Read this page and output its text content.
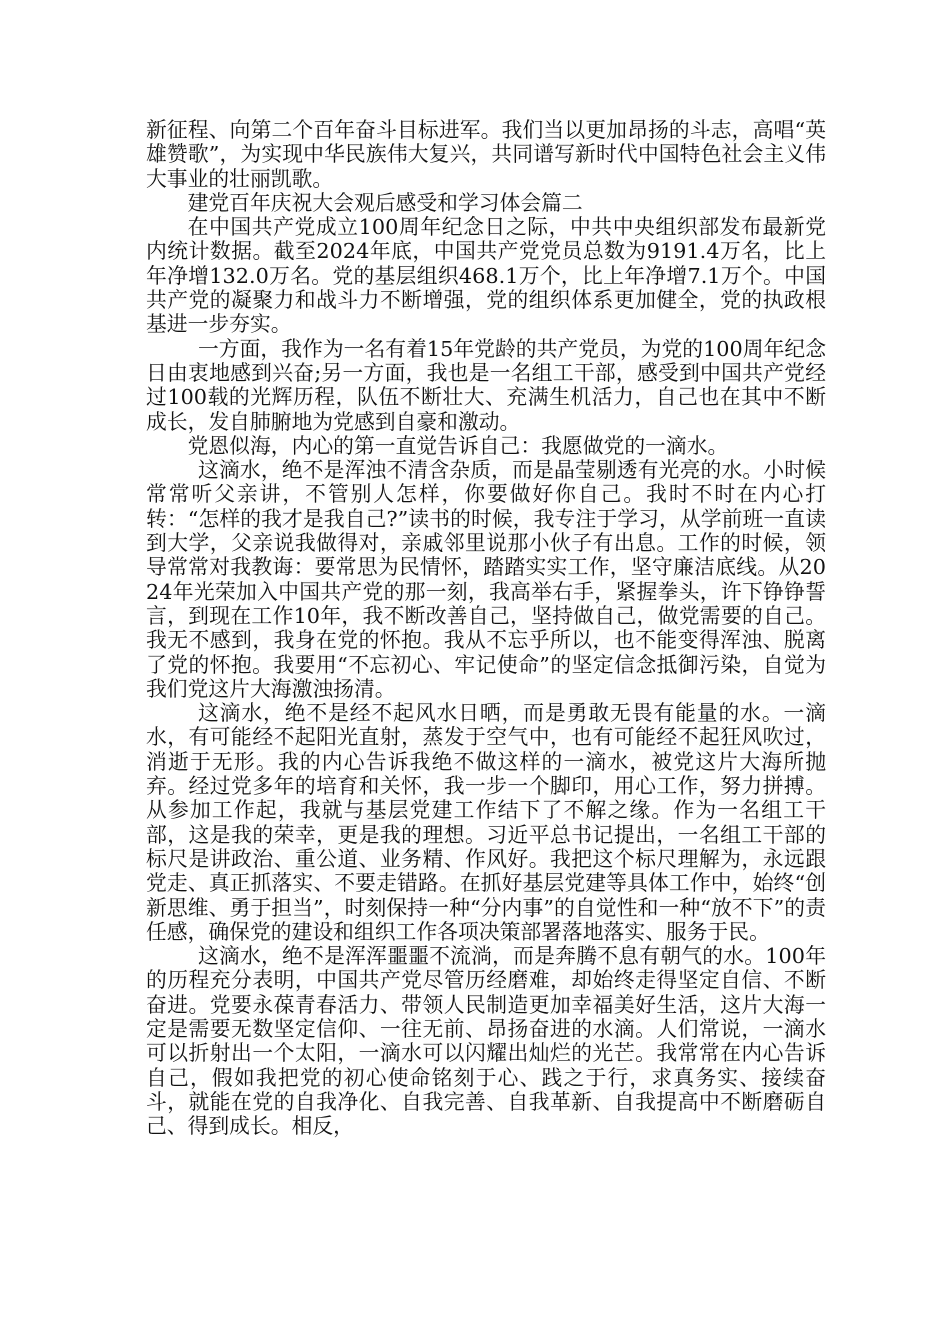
新征程、向第二个百年奋斗目标进军。我们当以更加昂扬的斗志，高唱“英雄赞歌”，为实现中华民族伟大复兴，共同谱写新时代中国特色社会主义伟大事业的壮丽凯歌。

建党百年庆祝大会观后感受和学习体会篇二

在中国共产党成立100周年纪念日之际，中共中央组织部发布最新党内统计数据。截至2024年底，中国共产党党员总数为9191.4万名，比上年净增132.0万名。党的基层组织468.1万个，比上年净增7.1万个。中国共产党的凝聚力和战斗力不断增强，党的组织体系更加健全，党的执政根基进一步夯实。

一方面，我作为一名有着15年党龄的共产党员，为党的100周年纪念日由衷地感到兴奋;另一方面，我也是一名组工干部，感受到中国共产党经过100载的光辉历程，队伍不断壮大、充满生机活力，自己也在其中不断成长，发自肺腑地为党感到自豪和激动。

党恩似海，内心的第一直觉告诉自己：我愿做党的一滴水。

这滴水，绝不是浑浊不清含杂质，而是晶莹剔透有光亮的水。小时候常常听父亲讲，不管别人怎样，你要做好你自己。我时不时在内心打转：“怎样的我才是我自己?”读书的时候，我专注于学习，从学前班一直读到大学，父亲说我做得对，亲戚邻里说那小伙子有出息。工作的时候，领导常常对我教诲：要常思为民情怀，踏踏实实工作，坚守廉洁底线。从2024年光荣加入中国共产党的那一刻，我高举右手，紧握拳头，许下铮铮誓言，到现在工作10年，我不断改善自己，坚持做自己，做党需要的自己。我无不感到，我身在党的怀抱。我从不忘乎所以，也不能变得浑浊、脱离了党的怀抱。我要用“不忘初心、牢记使命”的坚定信念抵御污染，自觉为我们党这片大海激浊扬清。

这滴水，绝不是经不起风水日晒，而是勇敢无畏有能量的水。一滴水，有可能经不起阳光直射，蒸发于空气中，也有可能经不起狂风吹过，消逝于无形。我的内心告诉我绝不做这样的一滴水，被党这片大海所抛弃。经过党多年的培育和关怀，我一步一个脚印，用心工作，努力拼搏。从参加工作起，我就与基层党建工作结下了不解之缘。作为一名组工干部，这是我的荣幸，更是我的理想。习近平总书记提出，一名组工干部的标尺是讲政治、重公道、业务精、作风好。我把这个标尺理解为，永远跟党走、真正抓落实、不要走错路。在抓好基层党建等具体工作中，始终“创新思维、勇于担当”，时刻保持一种“分内事”的自觉性和一种“放不下”的责任感，确保党的建设和组织工作各项决策部署落地落实、服务于民。

这滴水，绝不是浑浑噩噩不流淌，而是奔腾不息有朝气的水。100年的历程充分表明，中国共产党尽管历经磨难，却始终走得坚定自信、不断奋进。党要永葆青春活力、带领人民制造更加幸福美好生活，这片大海一定是需要无数坚定信仰、一往无前、昂扬奋进的水滴。人们常说，一滴水可以折射出一个太阳，一滴水可以闪耀出灿烂的光芒。我常常在内心告诉自己，假如我把党的初心使命铭刻于心、践之于行，求真务实、接续奋斗，就能在党的自我净化、自我完善、自我革新、自我提高中不断磨砺自己、得到成长。相反，
